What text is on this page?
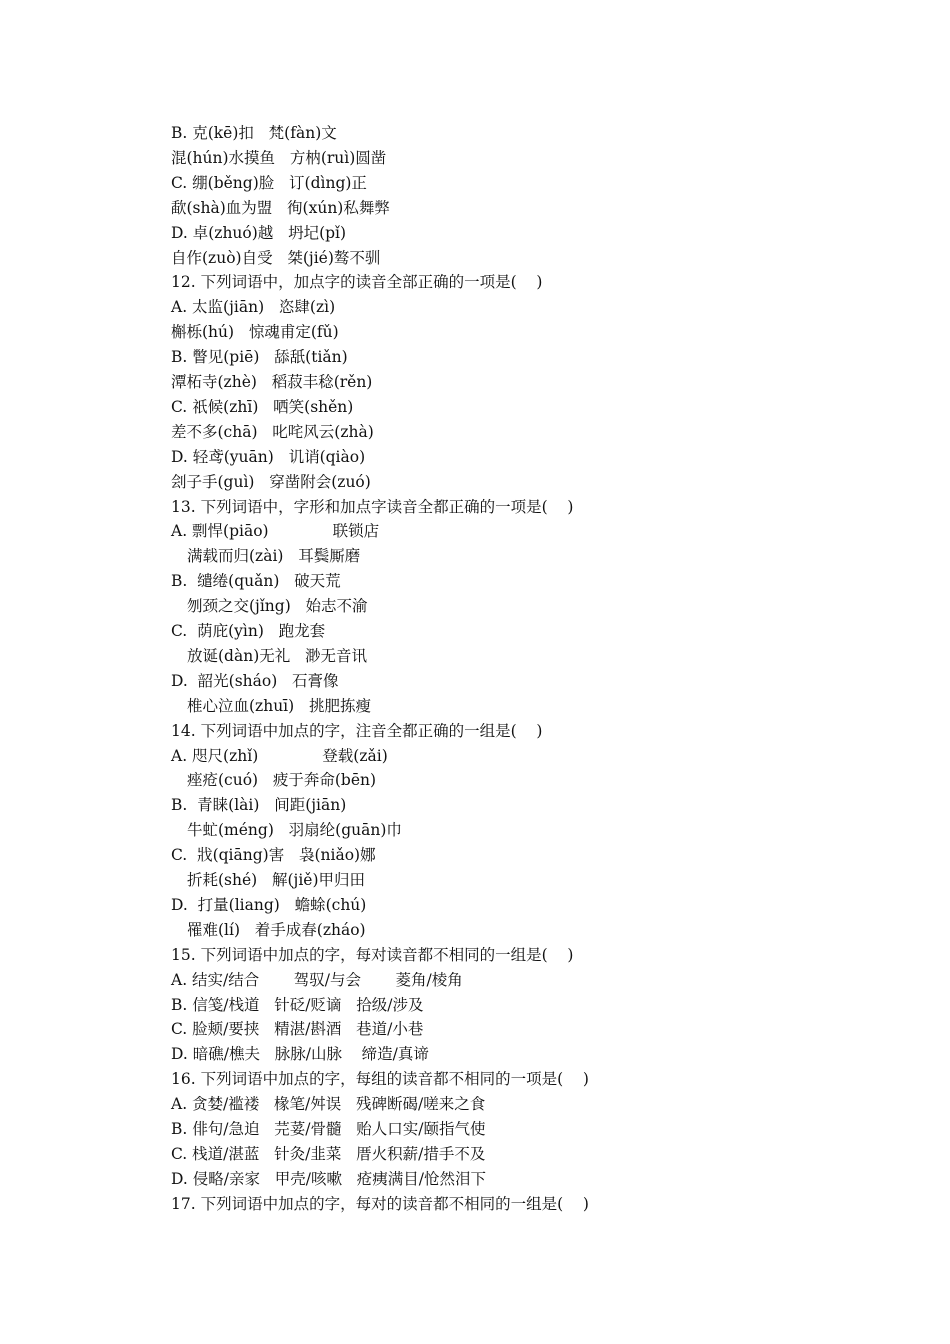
B. 克(kē)扣   梵(fàn)文
混(hún)水摸鱼   方枘(ruì)圆凿
C. 绷(běng)脸   订(dìng)正
歃(shà)血为盟   徇(xún)私舞弊
D. 卓(zhuó)越   坍圮(pǐ)
自作(zuò)自受   桀(jié)骜不驯
12. 下列词语中，加点字的读音全部正确的一项是(    )
A. 太监(jiān)   恣肆(zì)
槲栎(hú)   惊魂甫定(fǔ)
B. 瞥见(piē)   舔舐(tiǎn)
潭柘寺(zhè)   稻菽丰稔(rěn)
C. 祇候(zhī)   哂笑(shěn)
差不多(chā)   叱咤风云(zhà)
D. 轻鸢(yuān)   讥诮(qiào)
刽子手(guì)   穿凿附会(zuó)
13. 下列词语中，字形和加点字读音全都正确的一项是(    )
A. 剽悍(piāo)             联锁店
满载而归(zài)   耳鬓厮磨
B.  缱绻(quǎn)   破天荒
刎颈之交(jǐng)   始志不渝
C.  荫庇(yìn)   跑龙套
放诞(dàn)无礼   渺无音讯
D.  韶光(sháo)   石膏像
椎心泣血(zhuī)   挑肥拣瘦
14. 下列词语中加点的字，注音全都正确的一组是(    )
A. 咫尺(zhǐ)             登载(zǎi)
痤疮(cuó)   疲于奔命(bēn)
B.  青睐(lài)   间距(jiān)
牛虻(méng)   羽扇纶(guān)巾
C.  戕(qiāng)害   袅(niǎo)娜
折耗(shé)   解(jiě)甲归田
D.  打量(liang)   蟾蜍(chú)
罹难(lí)   着手成春(zháo)
15. 下列词语中加点的字，每对读音都不相同的一组是(    )
A. 结实/结合       驾驭/与会       菱角/棱角
B. 信笺/栈道   针砭/贬谪   拾级/涉及
C. 脸颊/要挟   精湛/斟酒   巷道/小巷
D. 暗礁/樵夫   脉脉/山脉    缔造/真谛
16. 下列词语中加点的字，每组的读音都不相同的一项是(    )
A. 贪婪/褴褛   椽笔/舛误   残碑断碣/嗟来之食
B. 俳句/急迫   芫荽/骨髓   贻人口实/颐指气使
C. 栈道/湛蓝   针灸/韭菜   厝火积薪/措手不及
D. 侵略/亲家   甲壳/咳嗽   疮痍满目/怆然泪下
17. 下列词语中加点的字，每对的读音都不相同的一组是(    )
